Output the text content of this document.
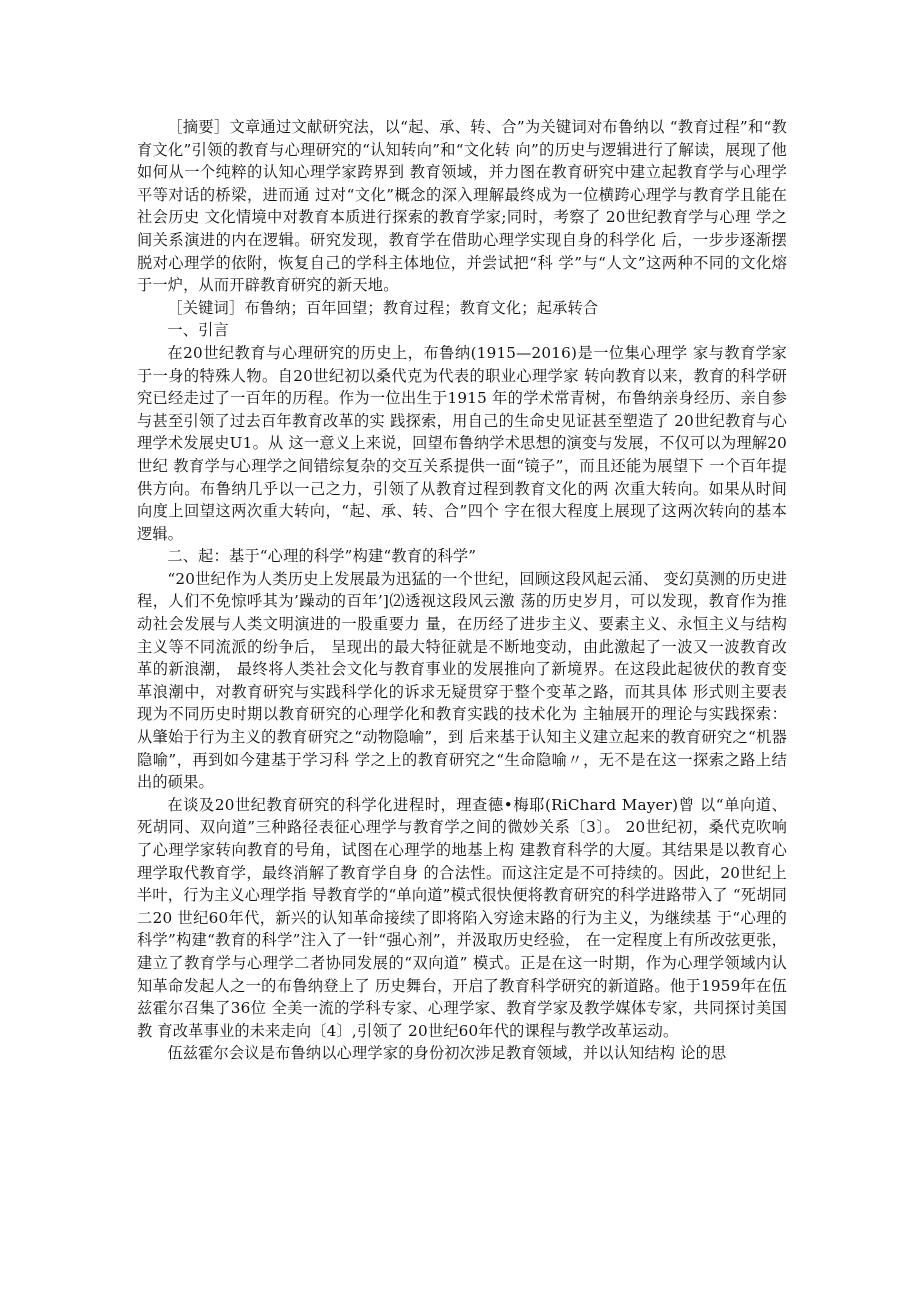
［摘要］文章通过文献研究法，以“起、承、转、合”为关键词对布鲁纳以 “教育过程”和“教育文化”引领的教育与心理研究的“认知转向”和“文化转 向”的历史与逻辑进行了解读，展现了他如何从一个纯粹的认知心理学家跨界到 教育领域，并力图在教育研究中建立起教育学与心理学平等对话的桥梁，进而通 过对“文化”概念的深入理解最终成为一位横跨心理学与教育学且能在社会历史 文化情境中对教育本质进行探索的教育学家;同时，考察了 20世纪教育学与心理 学之间关系演进的内在逻辑。研究发现，教育学在借助心理学实现自身的科学化 后，一步步逐渐摆脱对心理学的依附，恢复自己的学科主体地位，并尝试把“科 学”与“人文”这两种不同的文化熔于一炉，从而开辟教育研究的新天地。

［关键词］布鲁纳；百年回望；教育过程；教育文化；起承转合

一、引言

在20世纪教育与心理研究的历史上，布鲁纳(1915—2016)是一位集心理学 家与教育学家于一身的特殊人物。自20世纪初以桑代克为代表的职业心理学家 转向教育以来，教育的科学研究已经走过了一百年的历程。作为一位出生于1915 年的学术常青树，布鲁纳亲身经历、亲自参与甚至引领了过去百年教育改革的实 践探索，用自己的生命史见证甚至塑造了 20世纪教育与心理学术发展史U1。从 这一意义上来说，回望布鲁纳学术思想的演变与发展，不仅可以为理解20世纪 教育学与心理学之间错综复杂的交互关系提供一面“镜子”，而且还能为展望下 一个百年提供方向。布鲁纳几乎以一己之力，引领了从教育过程到教育文化的两 次重大转向。如果从时间向度上回望这两次重大转向，“起、承、转、合”四个 字在很大程度上展现了这两次转向的基本逻辑。

二、起：基于“心理的科学”构建“教育的科学”

“20世纪作为人类历史上发展最为迅猛的一个世纪，回顾这段风起云涌、 变幻莫测的历史进程，人们不免惊呼其为’躁动的百年’]⑵透视这段风云激 荡的历史岁月，可以发现，教育作为推动社会发展与人类文明演进的一股重要力 量，在历经了进步主义、要素主义、永恒主义与结构主义等不同流派的纷争后， 呈现出的最大特征就是不断地变动，由此激起了一波又一波教育改革的新浪潮， 最终将人类社会文化与教育事业的发展推向了新境界。在这段此起彼伏的教育变 革浪潮中，对教育研究与实践科学化的诉求无疑贯穿于整个变革之路，而其具体 形式则主要表现为不同历史时期以教育研究的心理学化和教育实践的技术化为 主轴展开的理论与实践探索：从肇始于行为主义的教育研究之“动物隐喻”，到 后来基于认知主义建立起来的教育研究之“机器隐喻”，再到如今建基于学习科 学之上的教育研究之“生命隐喻〃，无不是在这一探索之路上结出的硕果。

在谈及20世纪教育研究的科学化进程时，理查德•梅耶(RiChard Mayer)曾 以“单向道、死胡同、双向道”三种路径表征心理学与教育学之间的微妙关系〔3〕。 20世纪初，桑代克吹响了心理学家转向教育的号角，试图在心理学的地基上构 建教育科学的大厦。其结果是以教育心理学取代教育学，最终消解了教育学自身 的合法性。而这注定是不可持续的。因此，20世纪上半叶，行为主义心理学指 导教育学的“单向道”模式很快便将教育研究的科学进路带入了 “死胡同二20 世纪60年代，新兴的认知革命接续了即将陷入穷途末路的行为主义，为继续基 于“心理的科学”构建“教育的科学”注入了一针“强心剂”，并汲取历史经验， 在一定程度上有所改弦更张，建立了教育学与心理学二者协同发展的“双向道” 模式。正是在这一时期，作为心理学领域内认知革命发起人之一的布鲁纳登上了 历史舞台，开启了教育科学研究的新道路。他于1959年在伍兹霍尔召集了36位 全美一流的学科专家、心理学家、教育学家及教学媒体专家，共同探讨美国教 育改革事业的未来走向〔4〕,引领了 20世纪60年代的课程与教学改革运动。

伍兹霍尔会议是布鲁纳以心理学家的身份初次涉足教育领域，并以认知结构 论的思
